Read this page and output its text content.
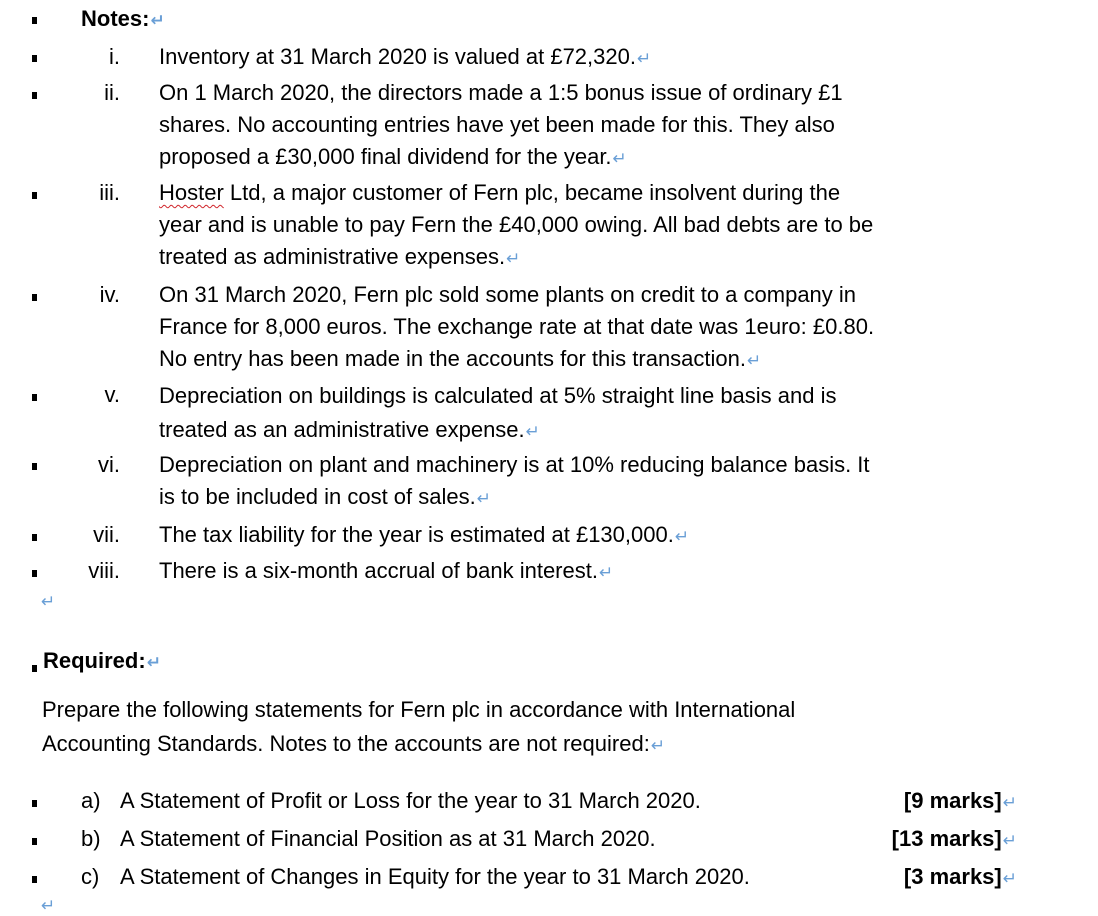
Notes:↵
i. Inventory at 31 March 2020 is valued at £72,320.↵
ii. On 1 March 2020, the directors made a 1:5 bonus issue of ordinary £1
shares. No accounting entries have yet been made for this. They also
proposed a £30,000 final dividend for the year.↵
iii. Hoster Ltd, a major customer of Fern plc, became insolvent during the
year and is unable to pay Fern the £40,000 owing. All bad debts are to be
treated as administrative expenses.↵
iv. On 31 March 2020, Fern plc sold some plants on credit to a company in
France for 8,000 euros. The exchange rate at that date was 1euro: £0.80.
No entry has been made in the accounts for this transaction.↵
v. Depreciation on buildings is calculated at 5% straight line basis and is
treated as an administrative expense.↵
vi. Depreciation on plant and machinery is at 10% reducing balance basis. It
is to be included in cost of sales.↵
vii. The tax liability for the year is estimated at £130,000.↵
viii. There is a six-month accrual of bank interest.↵
↵
Required:↵
Prepare the following statements for Fern plc in accordance with International
Accounting Standards. Notes to the accounts are not required:↵
a) A Statement of Profit or Loss for the year to 31 March 2020.	[9 marks]↵
b) A Statement of Financial Position as at 31 March 2020.	[13 marks]↵
c) A Statement of Changes in Equity for the year to 31 March 2020.	[3 marks]↵
↵
